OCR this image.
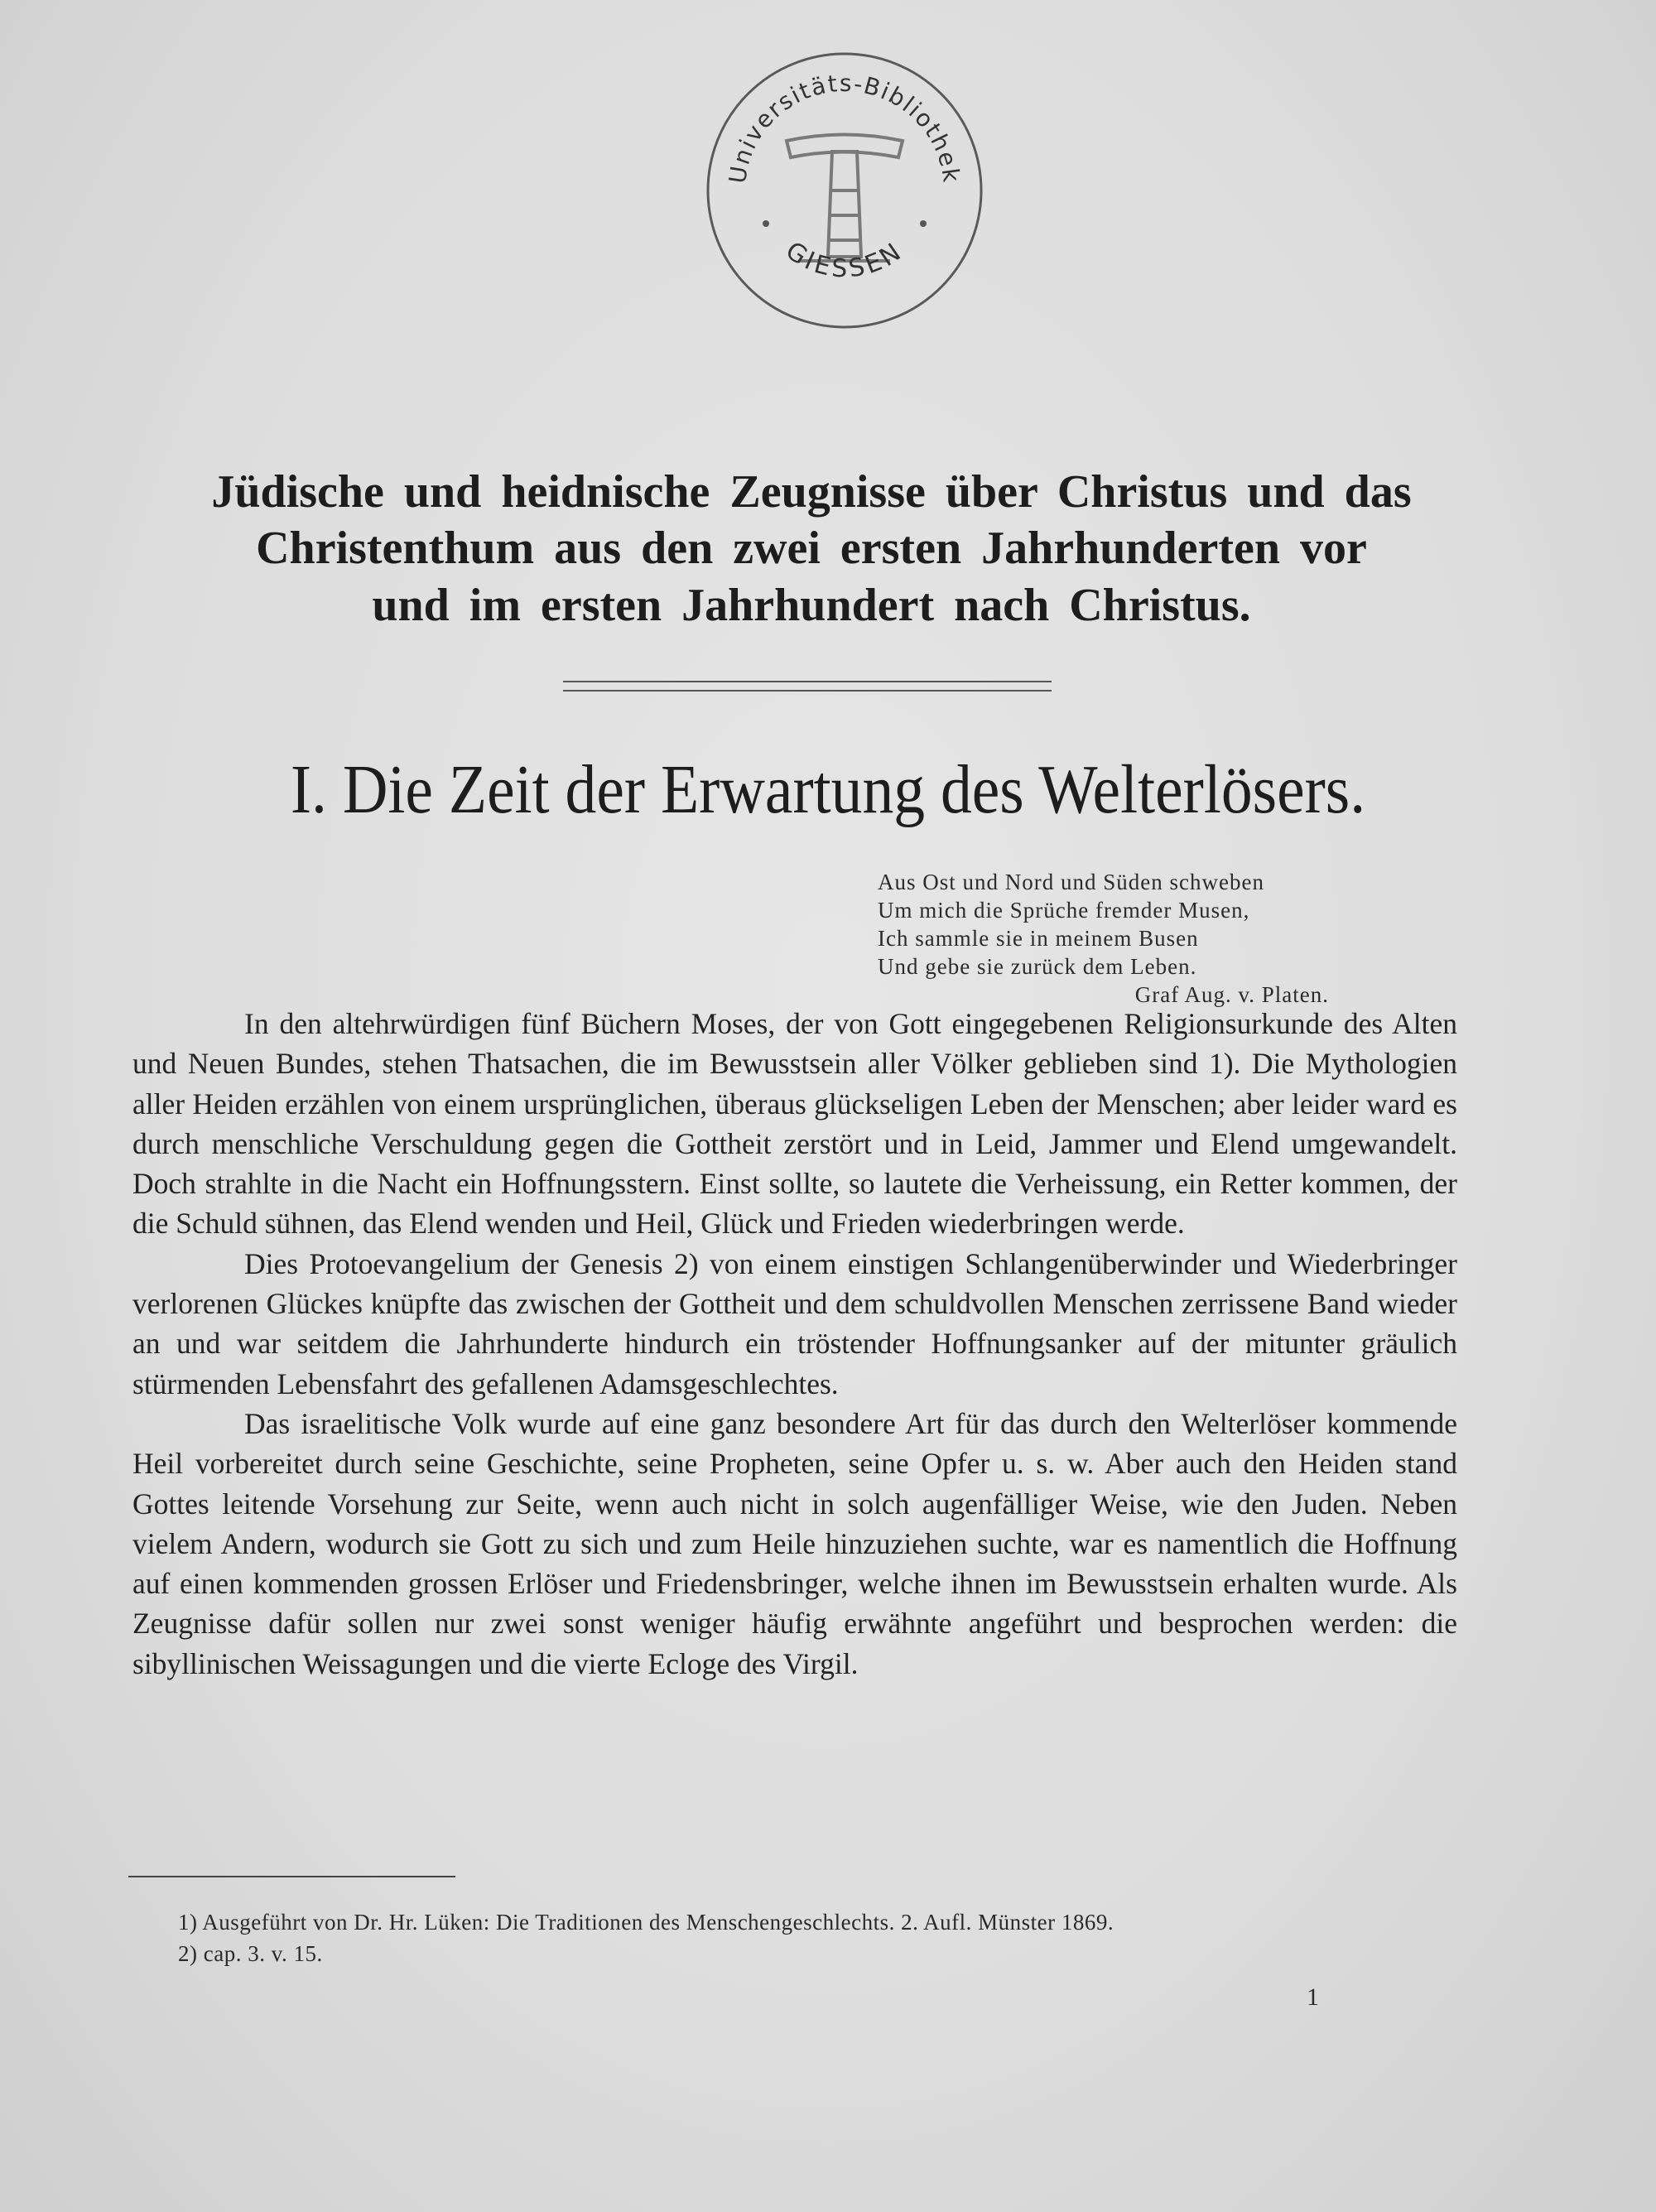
Universitäts-Bibliothek
GIESSEN
Jüdische und heidnische Zeugnisse über Christus und das
Christenthum aus den zwei ersten Jahrhunderten vor
und im ersten Jahrhundert nach Christus.
I. Die Zeit der Erwartung des Welterlösers.
Aus Ost und Nord und Süden schweben
Um mich die Sprüche fremder Musen,
Ich sammle sie in meinem Busen
Und gebe sie zurück dem Leben.
Graf Aug. v. Platen.

In den altehrwürdigen fünf Büchern Moses, der von Gott eingegebenen Religionsurkunde des Alten und Neuen Bundes, stehen Thatsachen, die im Bewusstsein aller Völker geblieben sind 1). Die Mythologien aller Heiden erzählen von einem ursprünglichen, überaus glückseligen Leben der Menschen; aber leider ward es durch menschliche Verschuldung gegen die Gottheit zerstört und in Leid, Jammer und Elend umgewandelt. Doch strahlte in die Nacht ein Hoffnungsstern. Einst sollte, so lautete die Verheissung, ein Retter kommen, der die Schuld sühnen, das Elend wenden und Heil, Glück und Frieden wiederbringen werde.

Dies Protoevangelium der Genesis 2) von einem einstigen Schlangenüberwinder und Wiederbringer verlorenen Glückes knüpfte das zwischen der Gottheit und dem schuldvollen Menschen zerrissene Band wieder an und war seitdem die Jahrhunderte hindurch ein tröstender Hoffnungsanker auf der mitunter gräulich stürmenden Lebensfahrt des gefallenen Adamsgeschlechtes.

Das israelitische Volk wurde auf eine ganz besondere Art für das durch den Welterlöser kommende Heil vorbereitet durch seine Geschichte, seine Propheten, seine Opfer u. s. w. Aber auch den Heiden stand Gottes leitende Vorsehung zur Seite, wenn auch nicht in solch augenfälliger Weise, wie den Juden. Neben vielem Andern, wodurch sie Gott zu sich und zum Heile hinzuziehen suchte, war es namentlich die Hoffnung auf einen kommenden grossen Erlöser und Friedensbringer, welche ihnen im Bewusstsein erhalten wurde. Als Zeugnisse dafür sollen nur zwei sonst weniger häufig erwähnte angeführt und besprochen werden: die sibyllinischen Weissagungen und die vierte Ecloge des Virgil.

1) Ausgeführt von Dr. Hr. Lüken: Die Traditionen des Menschengeschlechts. 2. Aufl. Münster 1869.
2) cap. 3. v. 15.
1
